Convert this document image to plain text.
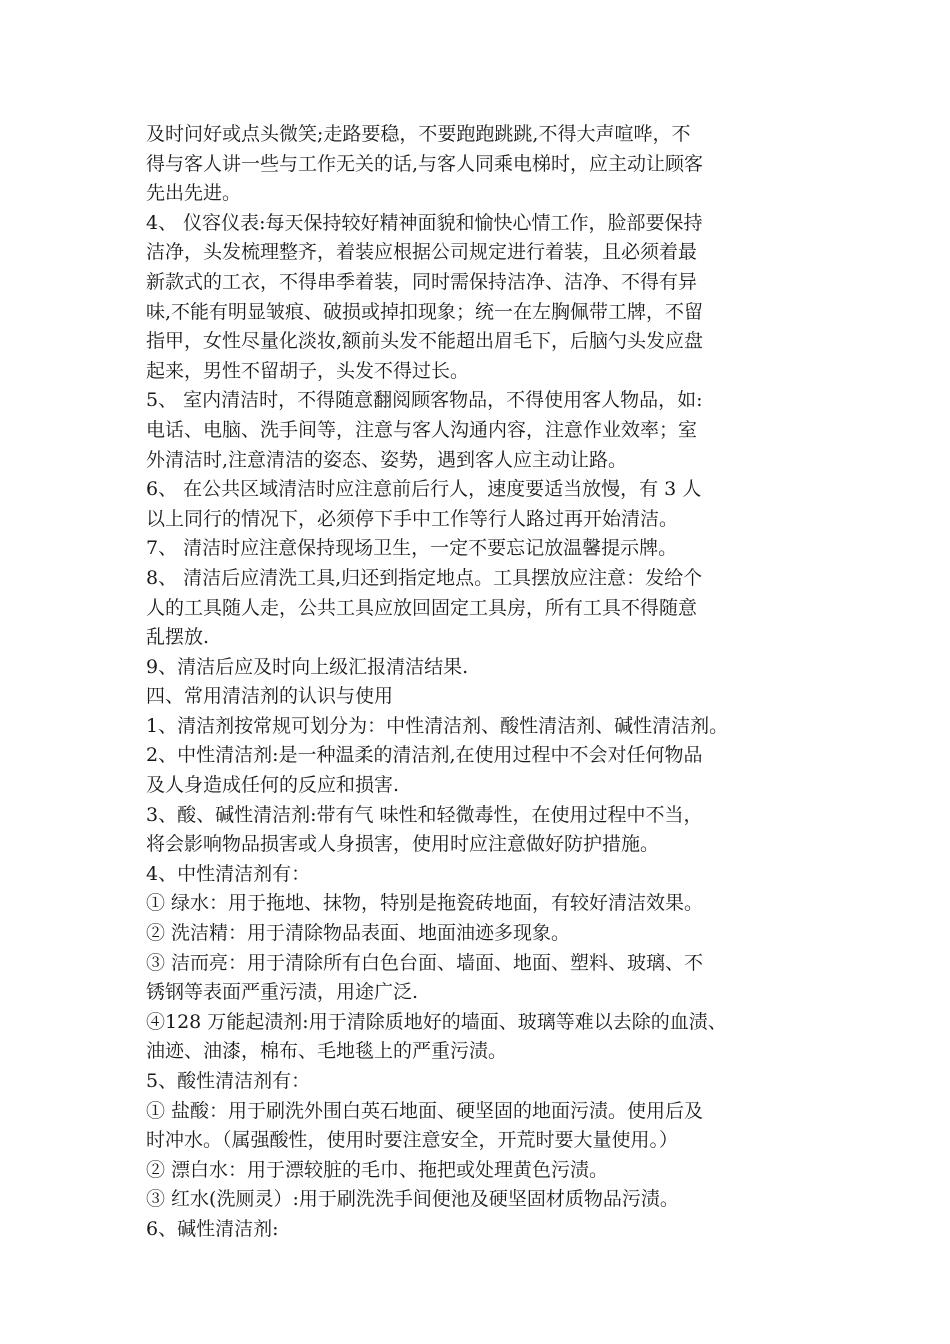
及时问好或点头微笑;走路要稳，不要跑跑跳跳,不得大声喧哗，不
得与客人讲一些与工作无关的话,与客人同乘电梯时，应主动让顾客
先出先进。
4、 仪容仪表:每天保持较好精神面貌和愉快心情工作，脸部要保持
洁净，头发梳理整齐，着装应根据公司规定进行着装，且必须着最
新款式的工衣，不得串季着装，同时需保持洁净、洁净、不得有异
味,不能有明显皱痕、破损或掉扣现象；统一在左胸佩带工牌，不留
指甲，女性尽量化淡妆,额前头发不能超出眉毛下，后脑勺头发应盘
起来，男性不留胡子，头发不得过长。
5、 室内清洁时，不得随意翻阅顾客物品，不得使用客人物品，如:
电话、电脑、洗手间等，注意与客人沟通内容，注意作业效率；室
外清洁时,注意清洁的姿态、姿势，遇到客人应主动让路。
6、 在公共区域清洁时应注意前后行人，速度要适当放慢，有 3 人
以上同行的情况下，必须停下手中工作等行人路过再开始清洁。
7、 清洁时应注意保持现场卫生，一定不要忘记放温馨提示牌。
8、 清洁后应清洗工具,归还到指定地点。工具摆放应注意：发给个
人的工具随人走，公共工具应放回固定工具房，所有工具不得随意
乱摆放.
9、清洁后应及时向上级汇报清洁结果.
四、常用清洁剂的认识与使用
1、清洁剂按常规可划分为：中性清洁剂、酸性清洁剂、碱性清洁剂。
2、中性清洁剂:是一种温柔的清洁剂,在使用过程中不会对任何物品
及人身造成任何的反应和损害.
3、酸、碱性清洁剂:带有气 味性和轻微毒性，在使用过程中不当，
将会影响物品损害或人身损害，使用时应注意做好防护措施。
4、中性清洁剂有：
① 绿水：用于拖地、抹物，特别是拖瓷砖地面，有较好清洁效果。
② 洗洁精：用于清除物品表面、地面油迹多现象。
③ 洁而亮：用于清除所有白色台面、墙面、地面、塑料、玻璃、不
锈钢等表面严重污渍，用途广泛.
④128 万能起渍剂:用于清除质地好的墙面、玻璃等难以去除的血渍、
油迹、油漆，棉布、毛地毯上的严重污渍。
5、酸性清洁剂有：
① 盐酸：用于刷洗外围白英石地面、硬坚固的地面污渍。使用后及
时冲水。（属强酸性，使用时要注意安全，开荒时要大量使用。）
② 漂白水：用于漂较脏的毛巾、拖把或处理黄色污渍。
③ 红水(洗厕灵）:用于刷洗洗手间便池及硬坚固材质物品污渍。
6、碱性清洁剂:
